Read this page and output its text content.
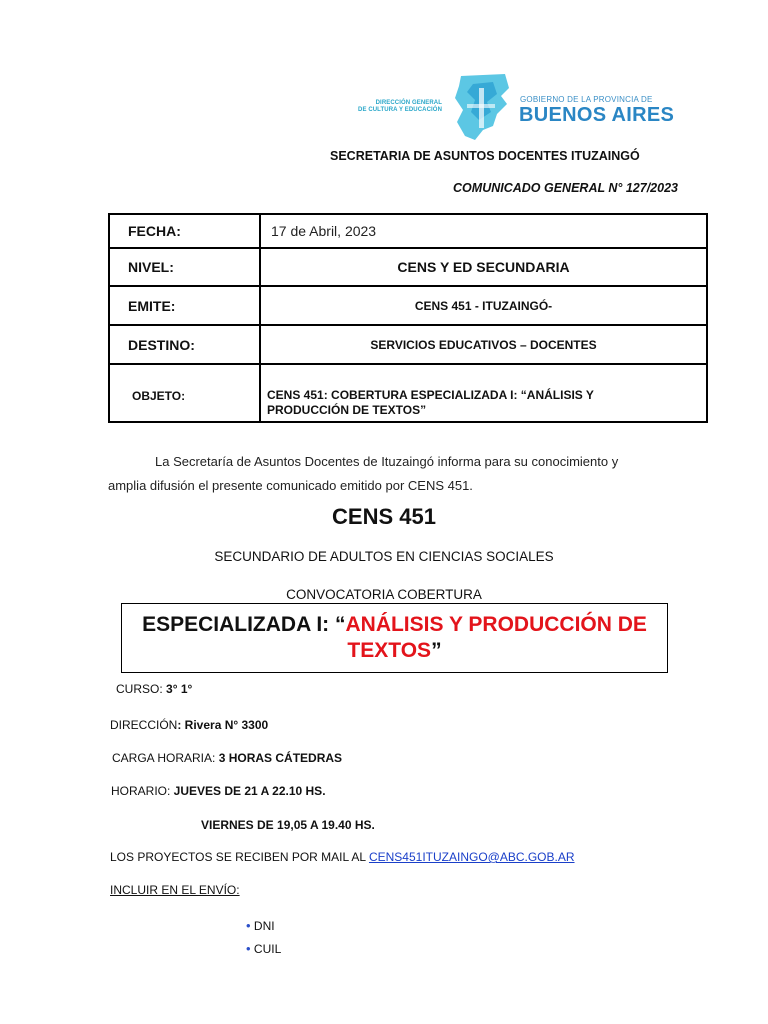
DIRECCIÓN GENERAL
DE CULTURA Y EDUCACIÓN
GOBIERNO DE LA PROVINCIA DE
BUENOS AIRES
SECRETARIA DE ASUNTOS DOCENTES ITUZAINGÓ
COMUNICADO GENERAL N° 127/2023
FECHA:	17 de Abril, 2023

NIVEL:	CENS Y ED SECUNDARIA

EMITE:	CENS 451 - ITUZAINGÓ-

DESTINO:	SERVICIOS EDUCATIVOS – DOCENTES

OBJETO:	CENS 451: COBERTURA ESPECIALIZADA I: “ANÁLISIS Y
PRODUCCIÓN DE TEXTOS”
La Secretaría de Asuntos Docentes de Ituzaingó informa para su conocimiento y
amplia difusión el presente comunicado emitido por CENS 451.
CENS 451
SECUNDARIO DE ADULTOS EN CIENCIAS SOCIALES
CONVOCATORIA COBERTURA
ESPECIALIZADA I: “ANÁLISIS Y PRODUCCIÓN DE
TEXTOS”
CURSO: 3° 1°
DIRECCIÓN: Rivera N° 3300
CARGA HORARIA: 3 HORAS CÁTEDRAS
HORARIO: JUEVES DE 21 A 22.10 HS.
VIERNES DE 19,05 A 19.40 HS.
LOS PROYECTOS SE RECIBEN POR MAIL AL CENS451ITUZAINGO@ABC.GOB.AR
INCLUIR EN EL ENVÍO:
• DNI
• CUIL
